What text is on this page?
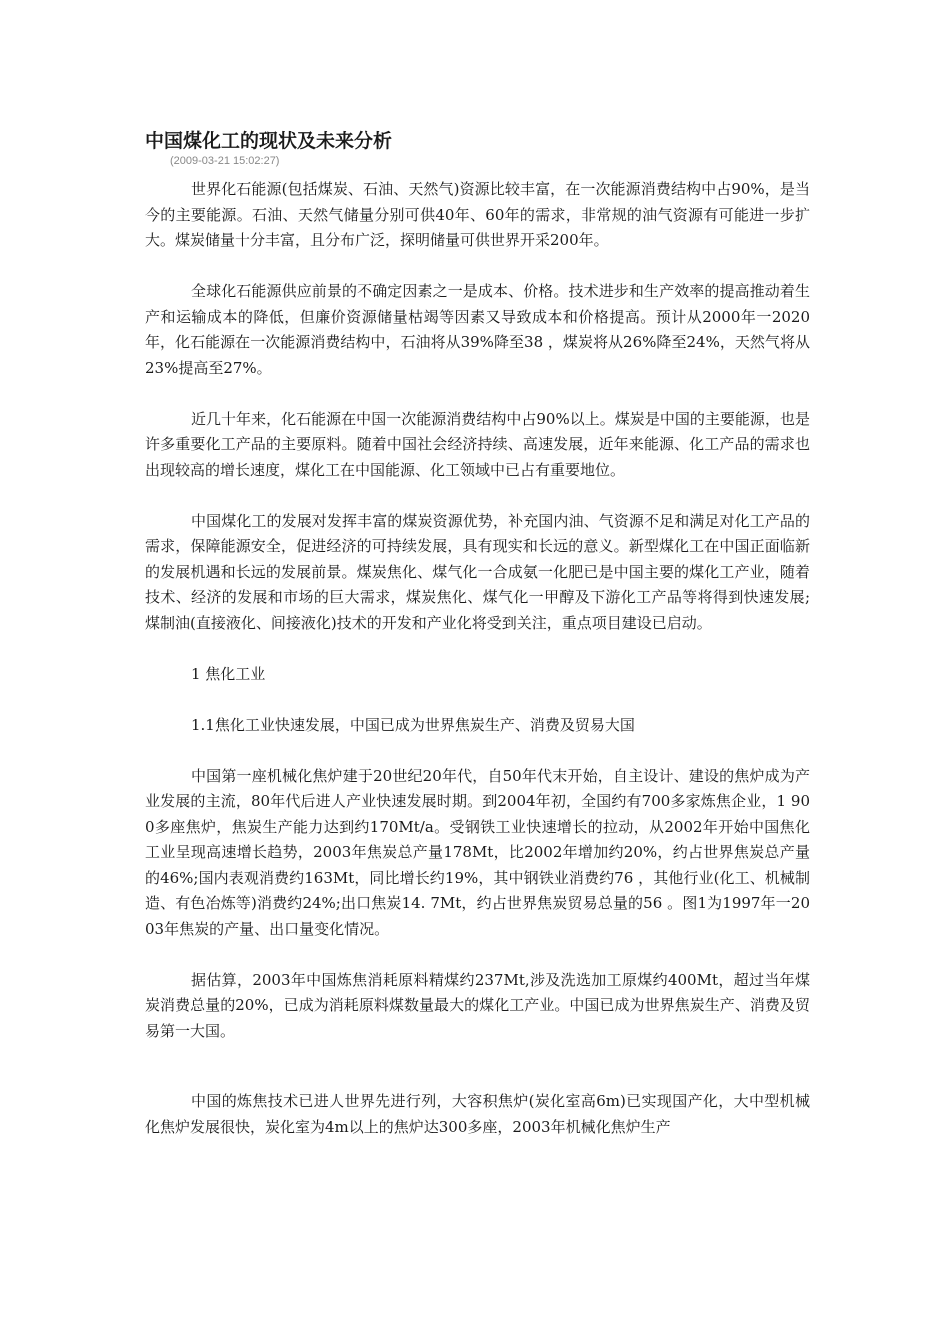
中国煤化工的现状及未来分析
(2009-03-21 15:02:27)

世界化石能源(包括煤炭、石油、天然气)资源比较丰富，在一次能源消费结构中占90%，是当今的主要能源。石油、天然气储量分别可供40年、60年的需求，非常规的油气资源有可能进一步扩大。煤炭储量十分丰富，且分布广泛，探明储量可供世界开采200年。

全球化石能源供应前景的不确定因素之一是成本、价格。技术进步和生产效率的提高推动着生产和运输成本的降低，但廉价资源储量枯竭等因素又导致成本和价格提高。预计从2000年一2020年，化石能源在一次能源消费结构中，石油将从39%降至38 ，煤炭将从26%降至24%，天然气将从23%提高至27%。

近几十年来，化石能源在中国一次能源消费结构中占90%以上。煤炭是中国的主要能源，也是许多重要化工产品的主要原料。随着中国社会经济持续、高速发展，近年来能源、化工产品的需求也出现较高的增长速度，煤化工在中国能源、化工领域中已占有重要地位。

中国煤化工的发展对发挥丰富的煤炭资源优势，补充国内油、气资源不足和满足对化工产品的需求，保障能源安全，促进经济的可持续发展，具有现实和长远的意义。新型煤化工在中国正面临新的发展机遇和长远的发展前景。煤炭焦化、煤气化一合成氨一化肥已是中国主要的煤化工产业，随着技术、经济的发展和市场的巨大需求，煤炭焦化、煤气化一甲醇及下游化工产品等将得到快速发展;煤制油(直接液化、间接液化)技术的开发和产业化将受到关注，重点项目建设已启动。

1 焦化工业

1.1焦化工业快速发展，中国已成为世界焦炭生产、消费及贸易大国

中国第一座机械化焦炉建于20世纪20年代，自50年代末开始，自主设计、建设的焦炉成为产业发展的主流，80年代后进人产业快速发展时期。到2004年初，全国约有700多家炼焦企业，1 900多座焦炉，焦炭生产能力达到约170Mt/a。受钢铁工业快速增长的拉动，从2002年开始中国焦化工业呈现高速增长趋势，2003年焦炭总产量178Mt，比2002年增加约20%，约占世界焦炭总产量的46%;国内表观消费约163Mt，同比增长约19%，其中钢铁业消费约76 ，其他行业(化工、机械制造、有色冶炼等)消费约24%;出口焦炭14. 7Mt，约占世界焦炭贸易总量的56 。图1为1997年一2003年焦炭的产量、出口量变化情况。

据估算，2003年中国炼焦消耗原料精煤约237Mt,涉及洗选加工原煤约400Mt，超过当年煤炭消费总量的20%，已成为消耗原料煤数量最大的煤化工产业。中国已成为世界焦炭生产、消费及贸易第一大国。

中国的炼焦技术已进人世界先进行列，大容积焦炉(炭化室高6m)已实现国产化，大中型机械化焦炉发展很快，炭化室为4m以上的焦炉达300多座，2003年机械化焦炉生产
